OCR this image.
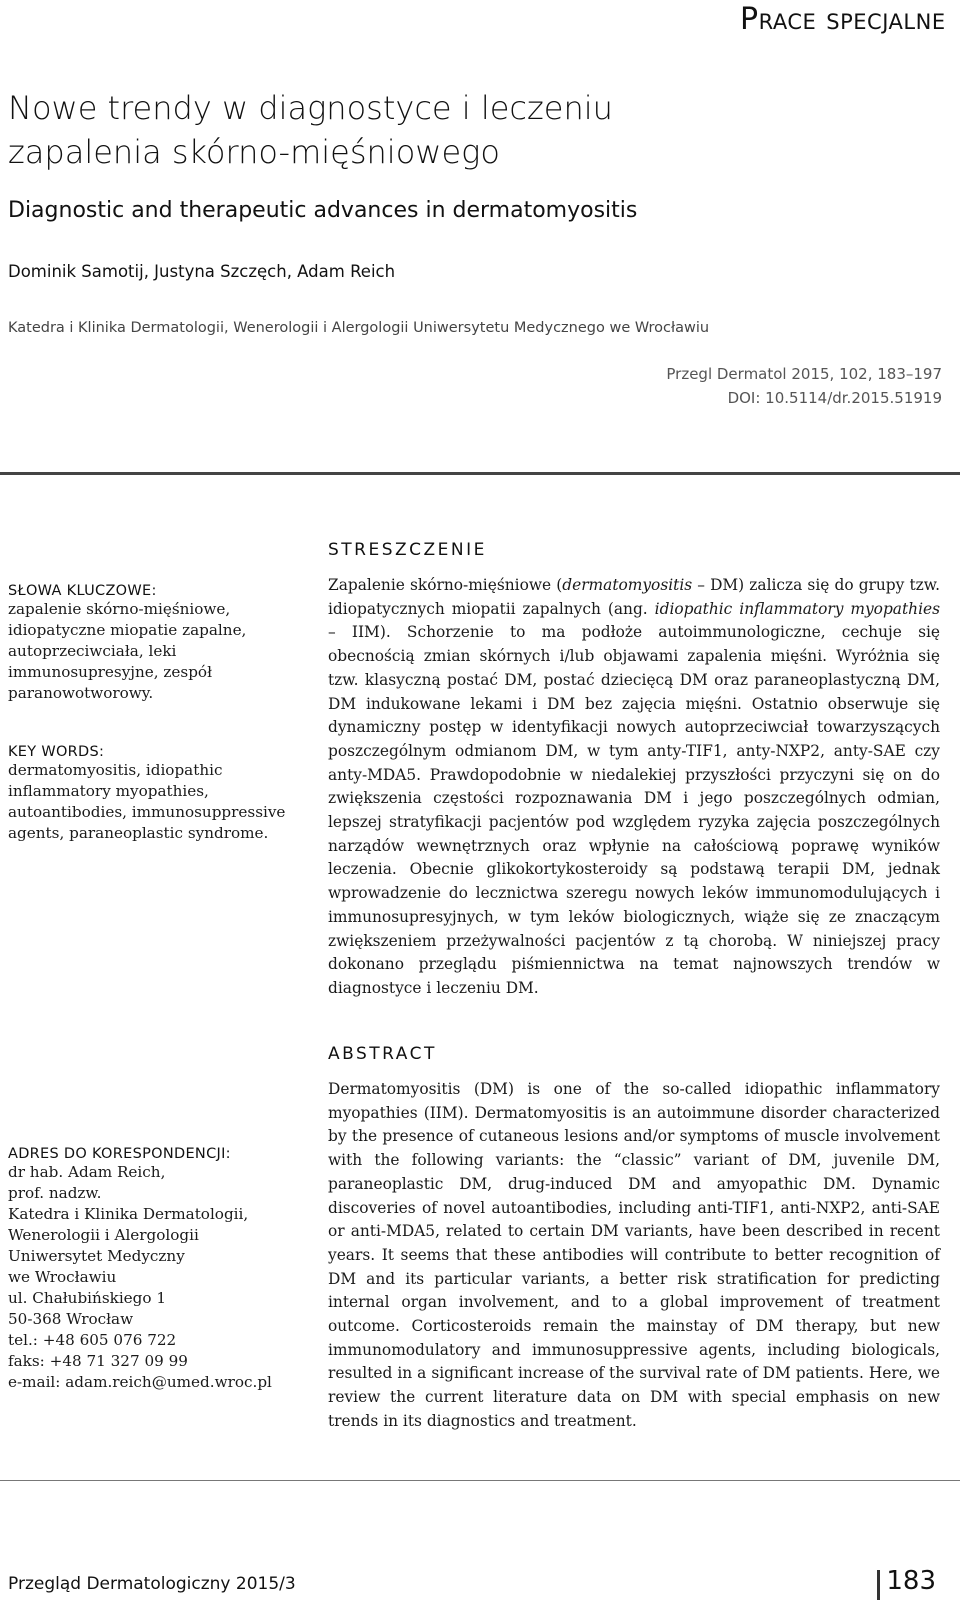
Prace specjalne
Nowe trendy w diagnostyce i leczeniu zapalenia skórno-mięśniowego
Diagnostic and therapeutic advances in dermatomyositis
Dominik Samotij, Justyna Szczęch, Adam Reich
Katedra i Klinika Dermatologii, Wenerologii i Alergologii Uniwersytetu Medycznego we Wrocławiu
Przegl Dermatol 2015, 102, 183–197
DOI: 10.5114/dr.2015.51919
SŁOWA KLUCZOWE:
zapalenie skórno-mięśniowe, idiopatyczne miopatie zapalne, autoprzeciwciała, leki immunosupresyjne, zespół paranowotworowy.
KEY WORDS:
dermatomyositis, idiopathic inflammatory myopathies, autoantibodies, immunosuppressive agents, paraneoplastic syndrome.
ADRES DO KORESPONDENCJI:
dr hab. Adam Reich,
prof. nadzw.
Katedra i Klinika Dermatologii,
Wenerologii i Alergologii
Uniwersytet Medyczny
we Wrocławiu
ul. Chałubińskiego 1
50-368 Wrocław
tel.: +48 605 076 722
faks: +48 71 327 09 99
e-mail: adam.reich@umed.wroc.pl
STRESZCZENIE
Zapalenie skórno-mięśniowe (dermatomyositis – DM) zalicza się do grupy tzw. idiopatycznych miopatii zapalnych (ang. idiopathic inflammatory myopathies – IIM). Schorzenie to ma podłoże autoimmunologiczne, cechuje się obecnością zmian skórnych i/lub objawami zapalenia mięśni. Wyróżnia się tzw. klasyczną postać DM, postać dziecięcą DM oraz paraneoplastyczną DM, DM indukowane lekami i DM bez zajęcia mięśni. Ostatnio obserwuje się dynamiczny postęp w identyfikacji nowych autoprzeciwciał towarzyszących poszczególnym odmianom DM, w tym anty-TIF1, anty-NXP2, anty-SAE czy anty-MDA5. Prawdopodobnie w niedalekiej przyszłości przyczyni się on do zwiększenia częstości rozpoznawania DM i jego poszczególnych odmian, lepszej stratyfikacji pacjentów pod względem ryzyka zajęcia poszczególnych narządów wewnętrznych oraz wpłynie na całościową poprawę wyników leczenia. Obecnie glikokortykosteroidy są podstawą terapii DM, jednak wprowadzenie do lecznictwa szeregu nowych leków immunomodulujących i immunosupresyjnych, w tym leków biologicznych, wiąże się ze znaczącym zwiększeniem przeżywalności pacjentów z tą chorobą. W niniejszej pracy dokonano przeglądu piśmiennictwa na temat najnowszych trendów w diagnostyce i leczeniu DM.
ABSTRACT
Dermatomyositis (DM) is one of the so-called idiopathic inflammatory myopathies (IIM). Dermatomyositis is an autoimmune disorder characterized by the presence of cutaneous lesions and/or symptoms of muscle involvement with the following variants: the “classic” variant of DM, juvenile DM, paraneoplastic DM, drug-induced DM and amyopathic DM. Dynamic discoveries of novel autoantibodies, including anti-TIF1, anti-NXP2, anti-SAE or anti-MDA5, related to certain DM variants, have been described in recent years. It seems that these antibodies will contribute to better recognition of DM and its particular variants, a better risk stratification for predicting internal organ involvement, and to a global improvement of treatment outcome. Corticosteroids remain the mainstay of DM therapy, but new immunomodulatory and immunosuppressive agents, including biologicals, resulted in a significant increase of the survival rate of DM patients. Here, we review the current literature data on DM with special emphasis on new trends in its diagnostics and treatment.
Przegląd Dermatologiczny 2015/3	183
